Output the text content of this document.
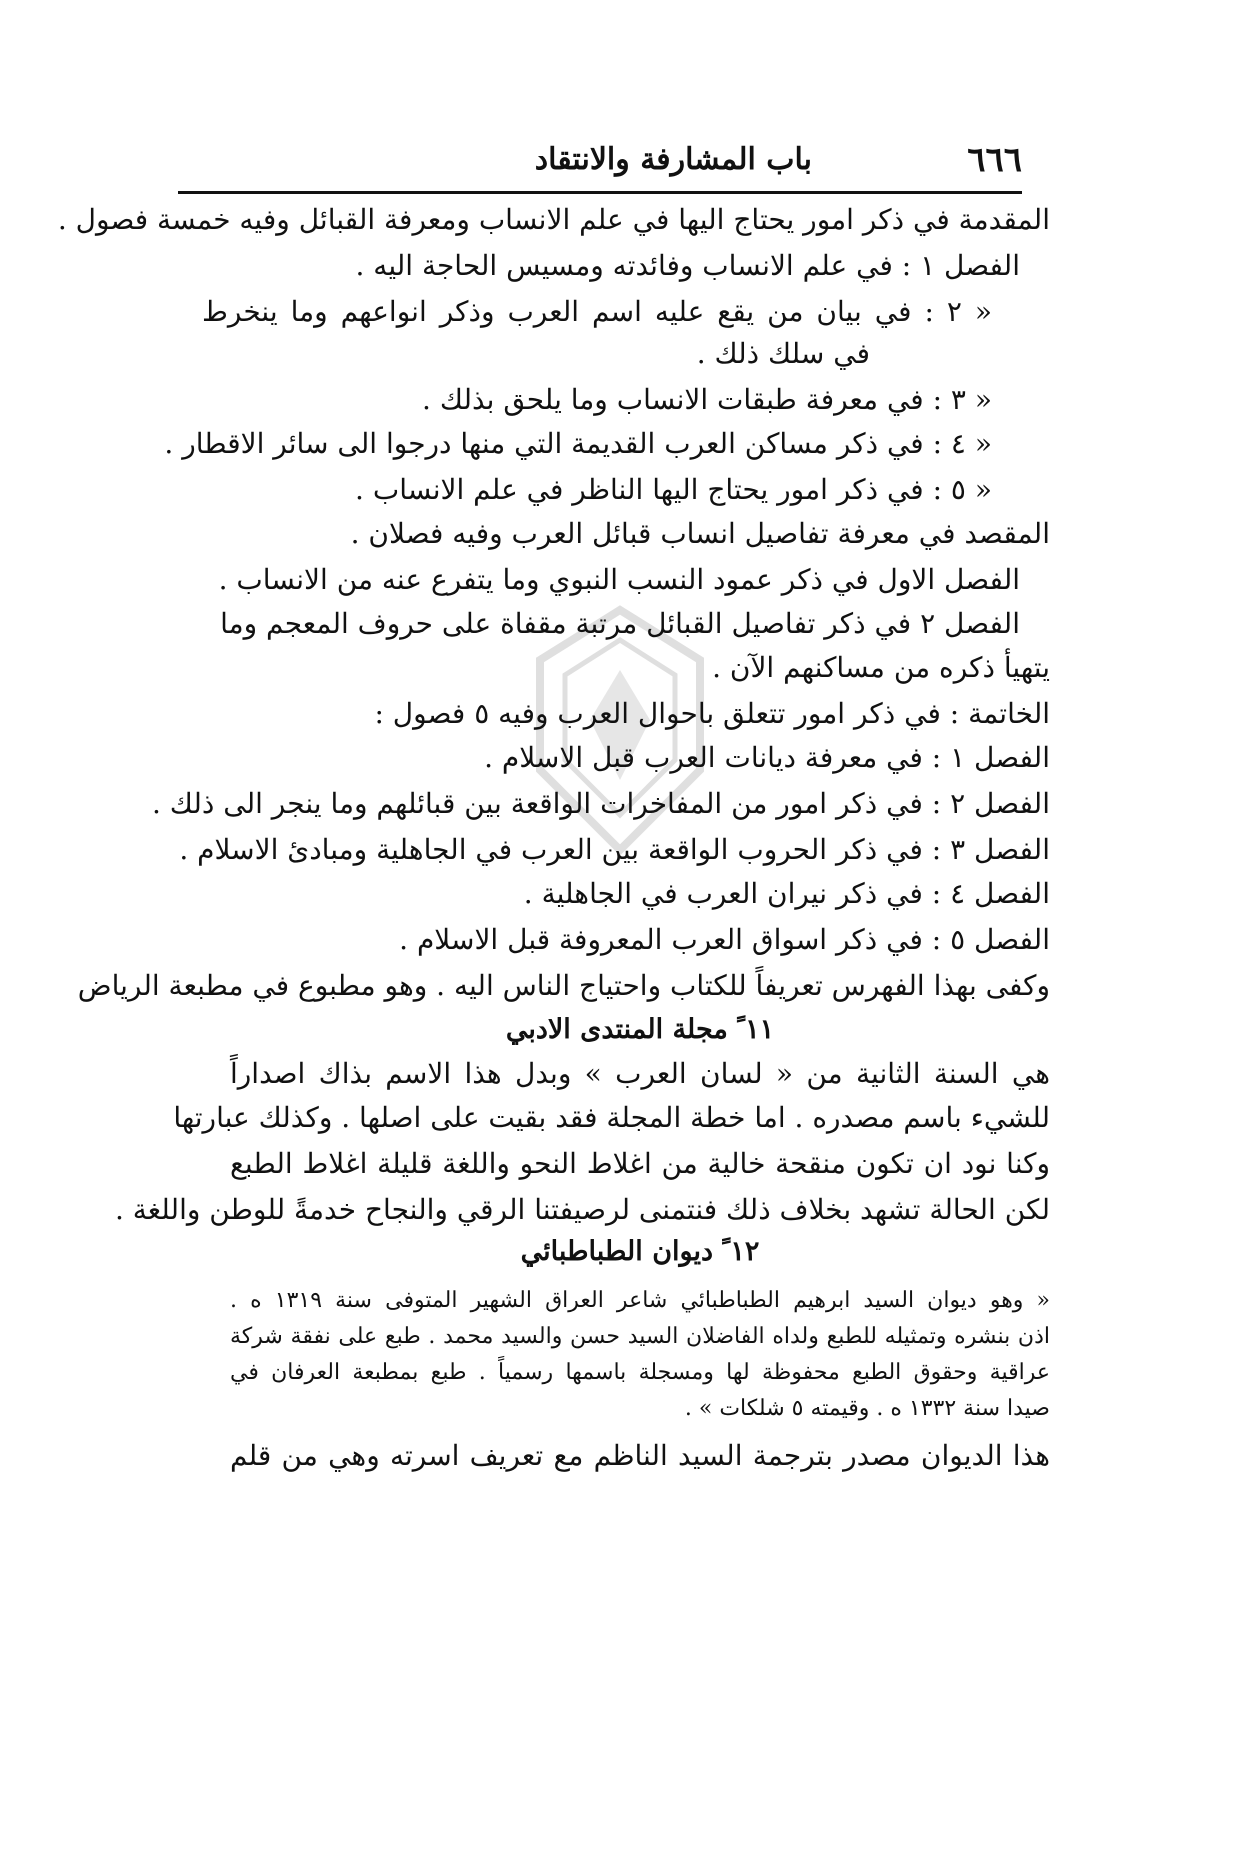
٦٦٦
باب المشارفة والانتقاد
المقدمة في ذكر امور يحتاج اليها في علم الانساب ومعرفة القبائل وفيه خمسة فصول .
الفصل ١ : في علم الانساب وفائدته ومسيس الحاجة اليه .
« ٢ : في بيان من يقع عليه اسم العرب وذكر انواعهم وما ينخرط
في سلك ذلك .
« ٣ : في معرفة طبقات الانساب وما يلحق بذلك .
« ٤ : في ذكر مساكن العرب القديمة التي منها درجوا الى سائر الاقطار .
« ٥ : في ذكر امور يحتاج اليها الناظر في علم الانساب .
المقصد في معرفة تفاصيل انساب قبائل العرب وفيه فصلان .
الفصل الاول في ذكر عمود النسب النبوي وما يتفرع عنه من الانساب .
الفصل ٢ في ذكر تفاصيل القبائل مرتبة مقفاة على حروف المعجم وما
يتهيأ ذكره من مساكنهم الآن .
الخاتمة : في ذكر امور تتعلق باحوال العرب وفيه ٥ فصول :
الفصل ١ : في معرفة ديانات العرب قبل الاسلام .
الفصل ٢ : في ذكر امور من المفاخرات الواقعة بين قبائلهم وما ينجر الى ذلك .
الفصل ٣ : في ذكر الحروب الواقعة بين العرب في الجاهلية ومبادئ الاسلام .
الفصل ٤ : في ذكر نيران العرب في الجاهلية .
الفصل ٥ : في ذكر اسواق العرب المعروفة قبل الاسلام .
وكفى بهذا الفهرس تعريفاً للكتاب واحتياج الناس اليه . وهو مطبوع في مطبعة الرياض
١١ ً مجلة المنتدى الادبي
هي السنة الثانية من « لسان العرب » وبدل هذا الاسم بذاك اصداراً
للشيء باسم مصدره . اما خطة المجلة فقد بقيت على اصلها . وكذلك عبارتها
وكنا نود ان تكون منقحة خالية من اغلاط النحو واللغة قليلة اغلاط الطبع
لكن الحالة تشهد بخلاف ذلك فنتمنى لرصيفتنا الرقي والنجاح خدمةً للوطن واللغة .
١٢ ً ديوان الطباطبائي
« وهو ديوان السيد ابرهيم الطباطبائي شاعر العراق الشهير المتوفى سنة ١٣١٩ ه .
اذن بنشره وتمثيله للطبع ولداه الفاضلان السيد حسن والسيد محمد . طبع على نفقة شركة
عراقية وحقوق الطبع محفوظة لها ومسجلة باسمها رسمياً . طبع بمطبعة العرفان في
صيدا سنة ١٣٣٢ ه . وقيمته ٥ شلكات » .
هذا الديوان مصدر بترجمة السيد الناظم مع تعريف اسرته وهي من قلم
